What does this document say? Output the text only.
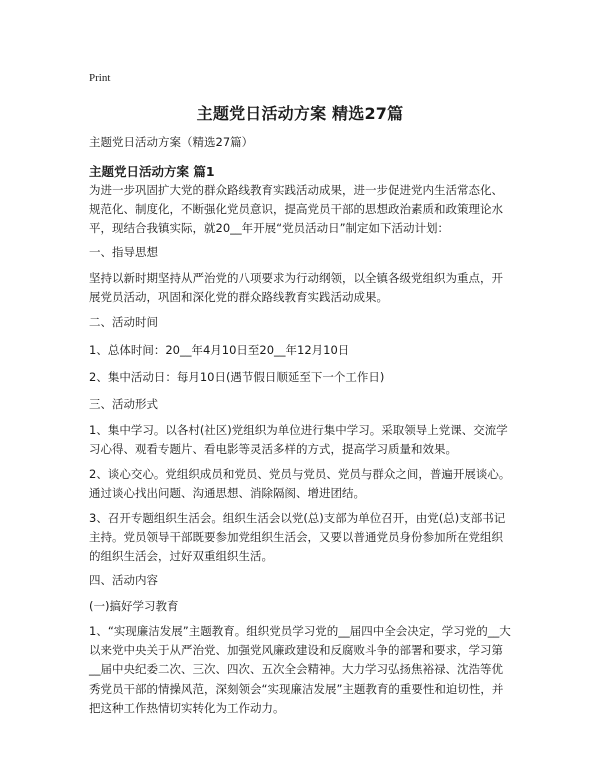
Print
主题党日活动方案 精选27篇
主题党日活动方案（精选27篇）
主题党日活动方案 篇1

为进一步巩固扩大党的群众路线教育实践活动成果，进一步促进党内生活常态化、规范化、制度化，不断强化党员意识，提高党员干部的思想政治素质和政策理论水平，现结合我镇实际，就20__年开展“党员活动日”制定如下活动计划：

一、指导思想

坚持以新时期坚持从严治党的八项要求为行动纲领，以全镇各级党组织为重点，开展党员活动，巩固和深化党的群众路线教育实践活动成果。

二、活动时间

1、总体时间：20__年4月10日至20__年12月10日

2、集中活动日：每月10日(遇节假日顺延至下一个工作日)

三、活动形式

1、集中学习。以各村(社区)党组织为单位进行集中学习。采取领导上党课、交流学习心得、观看专题片、看电影等灵活多样的方式，提高学习质量和效果。

2、谈心交心。党组织成员和党员、党员与党员、党员与群众之间，普遍开展谈心。通过谈心找出问题、沟通思想、消除隔阂、增进团结。

3、召开专题组织生活会。组织生活会以党(总)支部为单位召开，由党(总)支部书记主持。党员领导干部既要参加党组织生活会，又要以普通党员身份参加所在党组织的组织生活会，过好双重组织生活。

四、活动内容

(一)搞好学习教育

1、“实现廉洁发展”主题教育。组织党员学习党的__届四中全会决定，学习党的__大以来党中央关于从严治党、加强党风廉政建设和反腐败斗争的部署和要求，学习第__届中央纪委二次、三次、四次、五次全会精神。大力学习弘扬焦裕禄、沈浩等优秀党员干部的情操风范，深刻领会“实现廉洁发展”主题教育的重要性和迫切性，并把这种工作热情切实转化为工作动力。
